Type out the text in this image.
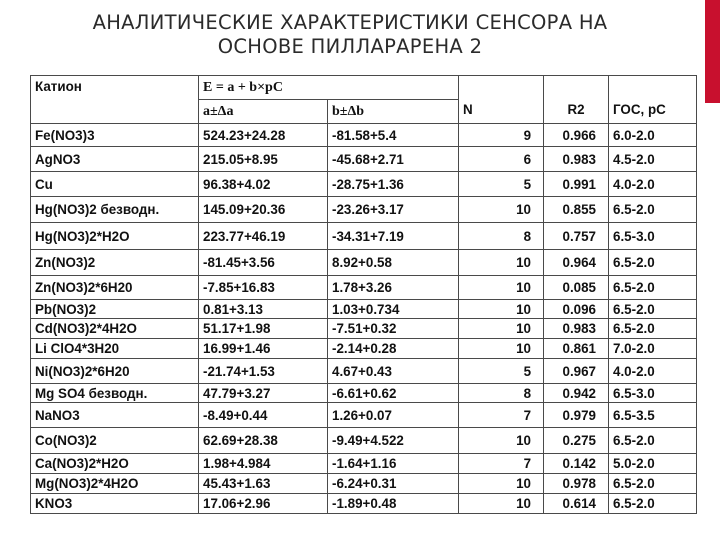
АНАЛИТИЧЕСКИЕ ХАРАКТЕРИСТИКИ СЕНСОРА НА
ОСНОВЕ ПИЛЛАРАРЕНА 2
Катион	E = a + b×pC		N	R2	ГОС, pC
	a±Δa	b±Δb			
Fe(NO3)3	524.23+24.28	-81.58+5.4	9	0.966	6.0-2.0
AgNO3	215.05+8.95	-45.68+2.71	6	0.983	4.5-2.0
Cu	96.38+4.02	-28.75+1.36	5	0.991	4.0-2.0
Hg(NO3)2 безводн.	145.09+20.36	-23.26+3.17	10	0.855	6.5-2.0
Hg(NO3)2*H2O	223.77+46.19	-34.31+7.19	8	0.757	6.5-3.0
Zn(NO3)2	-81.45+3.56	8.92+0.58	10	0.964	6.5-2.0
Zn(NO3)2*6H20	-7.85+16.83	1.78+3.26	10	0.085	6.5-2.0
Pb(NO3)2	0.81+3.13	1.03+0.734	10	0.096	6.5-2.0
Cd(NO3)2*4H2O	51.17+1.98	-7.51+0.32	10	0.983	6.5-2.0
Li ClO4*3H20	16.99+1.46	-2.14+0.28	10	0.861	7.0-2.0
Ni(NO3)2*6H20	-21.74+1.53	4.67+0.43	5	0.967	4.0-2.0
Mg SO4 безводн.	47.79+3.27	-6.61+0.62	8	0.942	6.5-3.0
NaNO3	-8.49+0.44	1.26+0.07	7	0.979	6.5-3.5
Co(NO3)2	62.69+28.38	-9.49+4.522	10	0.275	6.5-2.0
Ca(NO3)2*H2O	1.98+4.984	-1.64+1.16	7	0.142	5.0-2.0
Mg(NO3)2*4H2O	45.43+1.63	-6.24+0.31	10	0.978	6.5-2.0
KNO3	17.06+2.96	-1.89+0.48	10	0.614	6.5-2.0
